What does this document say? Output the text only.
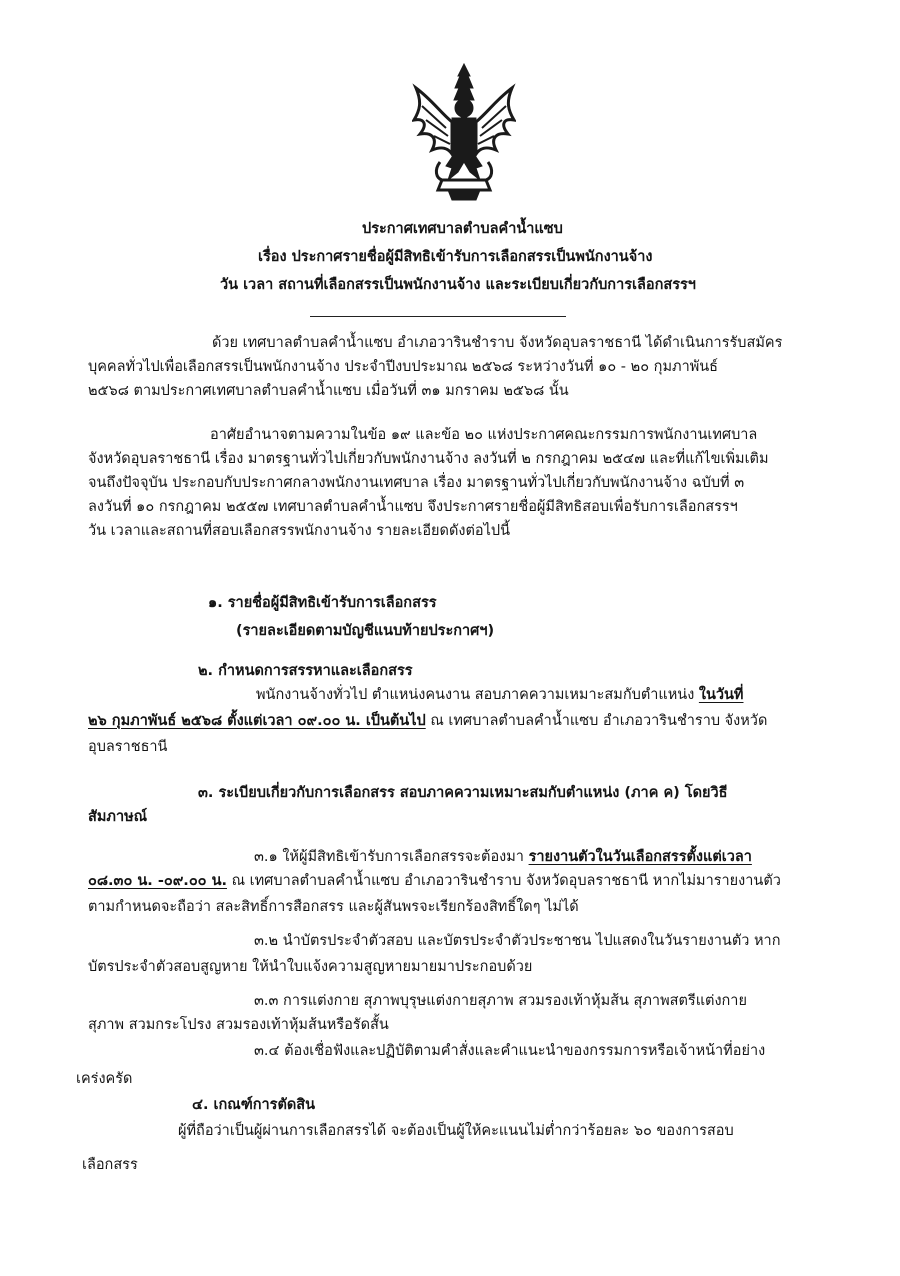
ประกาศเทศบาลตำบลคำน้ำแซบ
เรื่อง ประกาศรายชื่อผู้มีสิทธิเข้ารับการเลือกสรรเป็นพนักงานจ้าง
วัน เวลา สถานที่เลือกสรรเป็นพนักงานจ้าง และระเบียบเกี่ยวกับการเลือกสรรฯ
ด้วย เทศบาลตำบลคำน้ำแซบ อำเภอวารินชำราบ จังหวัดอุบลราชธานี ได้ดำเนินการรับสมัคร
บุคคลทั่วไปเพื่อเลือกสรรเป็นพนักงานจ้าง ประจำปีงบประมาณ ๒๕๖๘ ระหว่างวันที่ ๑๐ - ๒๐ กุมภาพันธ์
๒๕๖๘ ตามประกาศเทศบาลตำบลคำน้ำแซบ เมื่อวันที่ ๓๑ มกราคม ๒๕๖๘ นั้น
อาศัยอำนาจตามความในข้อ ๑๙ และข้อ ๒๐ แห่งประกาศคณะกรรมการพนักงานเทศบาล
จังหวัดอุบลราชธานี เรื่อง มาตรฐานทั่วไปเกี่ยวกับพนักงานจ้าง ลงวันที่ ๒ กรกฎาคม ๒๕๔๗ และที่แก้ไขเพิ่มเติม
จนถึงปัจจุบัน ประกอบกับประกาศกลางพนักงานเทศบาล เรื่อง มาตรฐานทั่วไปเกี่ยวกับพนักงานจ้าง ฉบับที่ ๓
ลงวันที่ ๑๐ กรกฎาคม ๒๕๕๗ เทศบาลตำบลคำน้ำแซบ จึงประกาศรายชื่อผู้มีสิทธิสอบเพื่อรับการเลือกสรรฯ
วัน เวลาและสถานที่สอบเลือกสรรพนักงานจ้าง รายละเอียดดังต่อไปนี้
๑. รายชื่อผู้มีสิทธิเข้ารับการเลือกสรร
(รายละเอียดตามบัญชีแนบท้ายประกาศฯ)
๒. กำหนดการสรรหาและเลือกสรร
พนักงานจ้างทั่วไป ตำแหน่งคนงาน สอบภาคความเหมาะสมกับตำแหน่ง ในวันที่
๒๖ กุมภาพันธ์ ๒๕๖๘ ตั้งแต่เวลา ๐๙.๐๐ น. เป็นต้นไป ณ เทศบาลตำบลคำน้ำแซบ อำเภอวารินชำราบ จังหวัด
อุบลราชธานี
๓. ระเบียบเกี่ยวกับการเลือกสรร สอบภาคความเหมาะสมกับตำแหน่ง (ภาค ค) โดยวิธี
สัมภาษณ์
๓.๑ ให้ผู้มีสิทธิเข้ารับการเลือกสรรจะต้องมา รายงานตัวในวันเลือกสรรตั้งแต่เวลา
๐๘.๓๐ น. -๐๙.๐๐ น. ณ เทศบาลตำบลคำน้ำแซบ อำเภอวารินชำราบ จังหวัดอุบลราชธานี หากไม่มารายงานตัว
ตามกำหนดจะถือว่า สละสิทธิ์การสือกสรร และผู้สันพรจะเรียกร้องสิทธิ์ใดๆ ไม่ได้
๓.๒ นำบัตรประจำตัวสอบ และบัตรประจำตัวประชาชน ไปแสดงในวันรายงานตัว หาก
บัตรประจำตัวสอบสูญหาย ให้นำใบแจ้งความสูญหายมายมาประกอบด้วย
๓.๓ การแต่งกาย สุภาพบุรุษแต่งกายสุภาพ สวมรองเท้าหุ้มส้น สุภาพสตรีแต่งกาย
สุภาพ สวมกระโปรง สวมรองเท้าหุ้มส้นหรือรัดสั้น
๓.๔ ต้องเชื่อฟังและปฏิบัติตามคำสั่งและคำแนะนำของกรรมการหรือเจ้าหน้าที่อย่าง
เคร่งครัด
๔. เกณฑ์การตัดสิน
ผู้ที่ถือว่าเป็นผู้ผ่านการเลือกสรรได้ จะต้องเป็นผู้ให้คะแนนไม่ต่ำกว่าร้อยละ ๖๐ ของการสอบ
เลือกสรร
